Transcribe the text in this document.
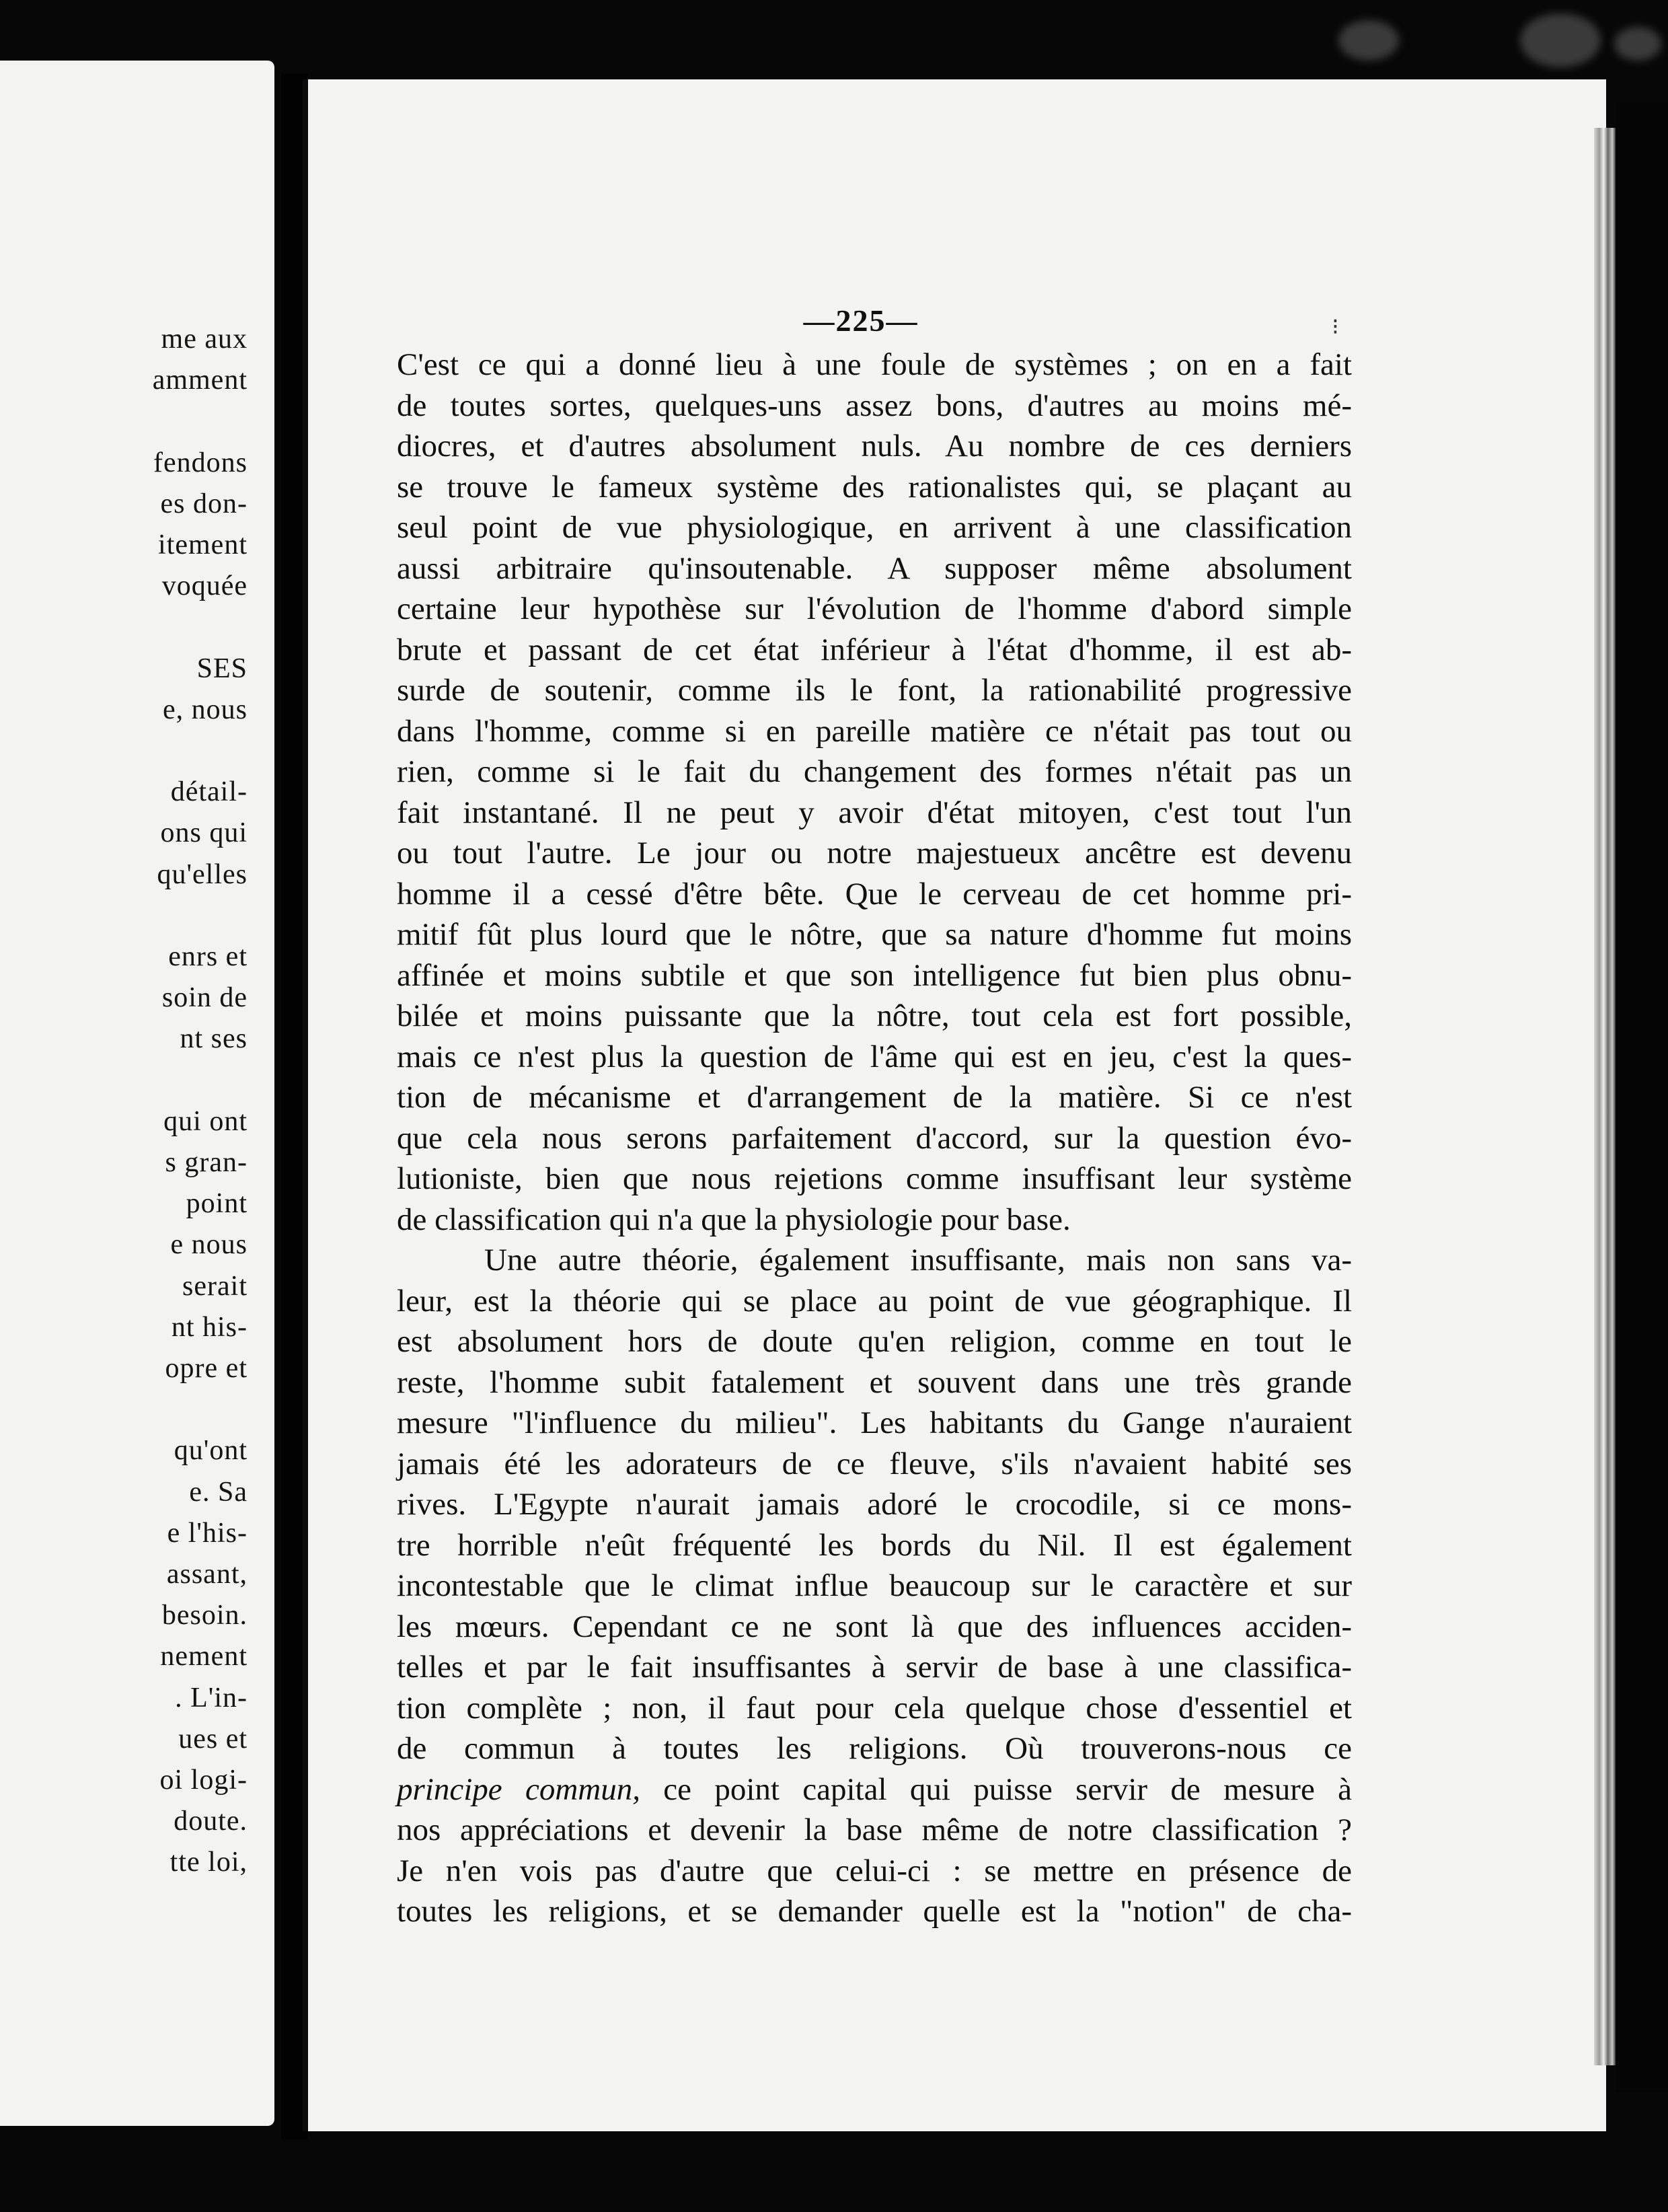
me aux
amment
fendons
es don-
itement
voquée
SES
e, nous
détail-
ons qui
qu'elles
enrs et
soin de
nt ses
qui ont
s gran-
point
e nous
serait
nt his-
opre et
qu'ont
e. Sa
e l'his-
assant,
besoin.
nement
. L'in-
ues et
oi logi-
doute.
tte loi,
—225—	⁝
C'est ce qui a donné lieu à une foule de systèmes ; on en a fait
de toutes sortes, quelques-uns assez bons, d'autres au moins mé-
diocres, et d'autres absolument nuls. Au nombre de ces derniers
se trouve le fameux système des rationalistes qui, se plaçant au
seul point de vue physiologique, en arrivent à une classification
aussi arbitraire qu'insoutenable. A supposer même absolument
certaine leur hypothèse sur l'évolution de l'homme d'abord simple
brute et passant de cet état inférieur à l'état d'homme, il est ab-
surde de soutenir, comme ils le font, la rationabilité progressive
dans l'homme, comme si en pareille matière ce n'était pas tout ou
rien, comme si le fait du changement des formes n'était pas un
fait instantané. Il ne peut y avoir d'état mitoyen, c'est tout l'un
ou tout l'autre. Le jour ou notre majestueux ancêtre est devenu
homme il a cessé d'être bête. Que le cerveau de cet homme pri-
mitif fût plus lourd que le nôtre, que sa nature d'homme fut moins
affinée et moins subtile et que son intelligence fut bien plus obnu-
bilée et moins puissante que la nôtre, tout cela est fort possible,
mais ce n'est plus la question de l'âme qui est en jeu, c'est la ques-
tion de mécanisme et d'arrangement de la matière. Si ce n'est
que cela nous serons parfaitement d'accord, sur la question évo-
lutioniste, bien que nous rejetions comme insuffisant leur système
de classification qui n'a que la physiologie pour base.
Une autre théorie, également insuffisante, mais non sans va-
leur, est la théorie qui se place au point de vue géographique. Il
est absolument hors de doute qu'en religion, comme en tout le
reste, l'homme subit fatalement et souvent dans une très grande
mesure "l'influence du milieu". Les habitants du Gange n'auraient
jamais été les adorateurs de ce fleuve, s'ils n'avaient habité ses
rives. L'Egypte n'aurait jamais adoré le crocodile, si ce mons-
tre horrible n'eût fréquenté les bords du Nil. Il est également
incontestable que le climat influe beaucoup sur le caractère et sur
les mœurs. Cependant ce ne sont là que des influences acciden-
telles et par le fait insuffisantes à servir de base à une classifica-
tion complète ; non, il faut pour cela quelque chose d'essentiel et
de commun à toutes les religions. Où trouverons-nous ce
principe commun, ce point capital qui puisse servir de mesure à
nos appréciations et devenir la base même de notre classification ?
Je n'en vois pas d'autre que celui-ci : se mettre en présence de
toutes les religions, et se demander quelle est la "notion" de cha-
